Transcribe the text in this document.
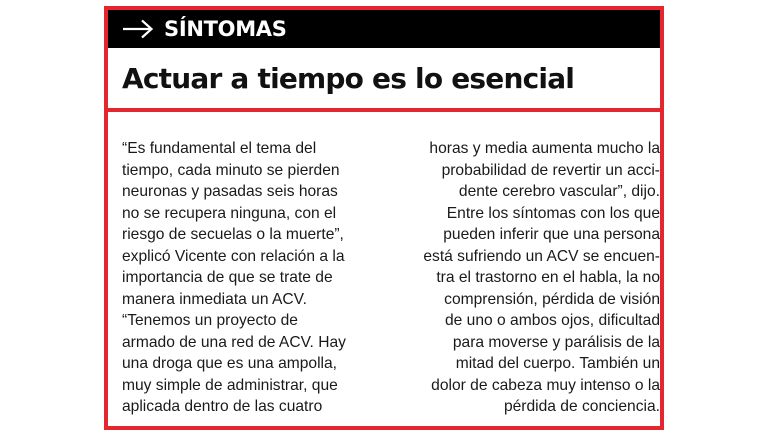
SÍNTOMAS
Actuar a tiempo es lo esencial
“Es fundamental el tema del
tiempo, cada minuto se pierden
neuronas y pasadas seis horas
no se recupera ninguna, con el
riesgo de secuelas o la muerte”,
explicó Vicente con relación a la
importancia de que se trate de
manera inmediata un ACV.
“Tenemos un proyecto de
armado de una red de ACV. Hay
una droga que es una ampolla,
muy simple de administrar, que
aplicada dentro de las cuatro
horas y media aumenta mucho la
probabilidad de revertir un acci-
dente cerebro vascular”, dijo.
Entre los síntomas con los que
pueden inferir que una persona
está sufriendo un ACV se encuen-
tra el trastorno en el habla, la no
comprensión, pérdida de visión
de uno o ambos ojos, dificultad
para moverse y parálisis de la
mitad del cuerpo. También un
dolor de cabeza muy intenso o la
pérdida de conciencia.
